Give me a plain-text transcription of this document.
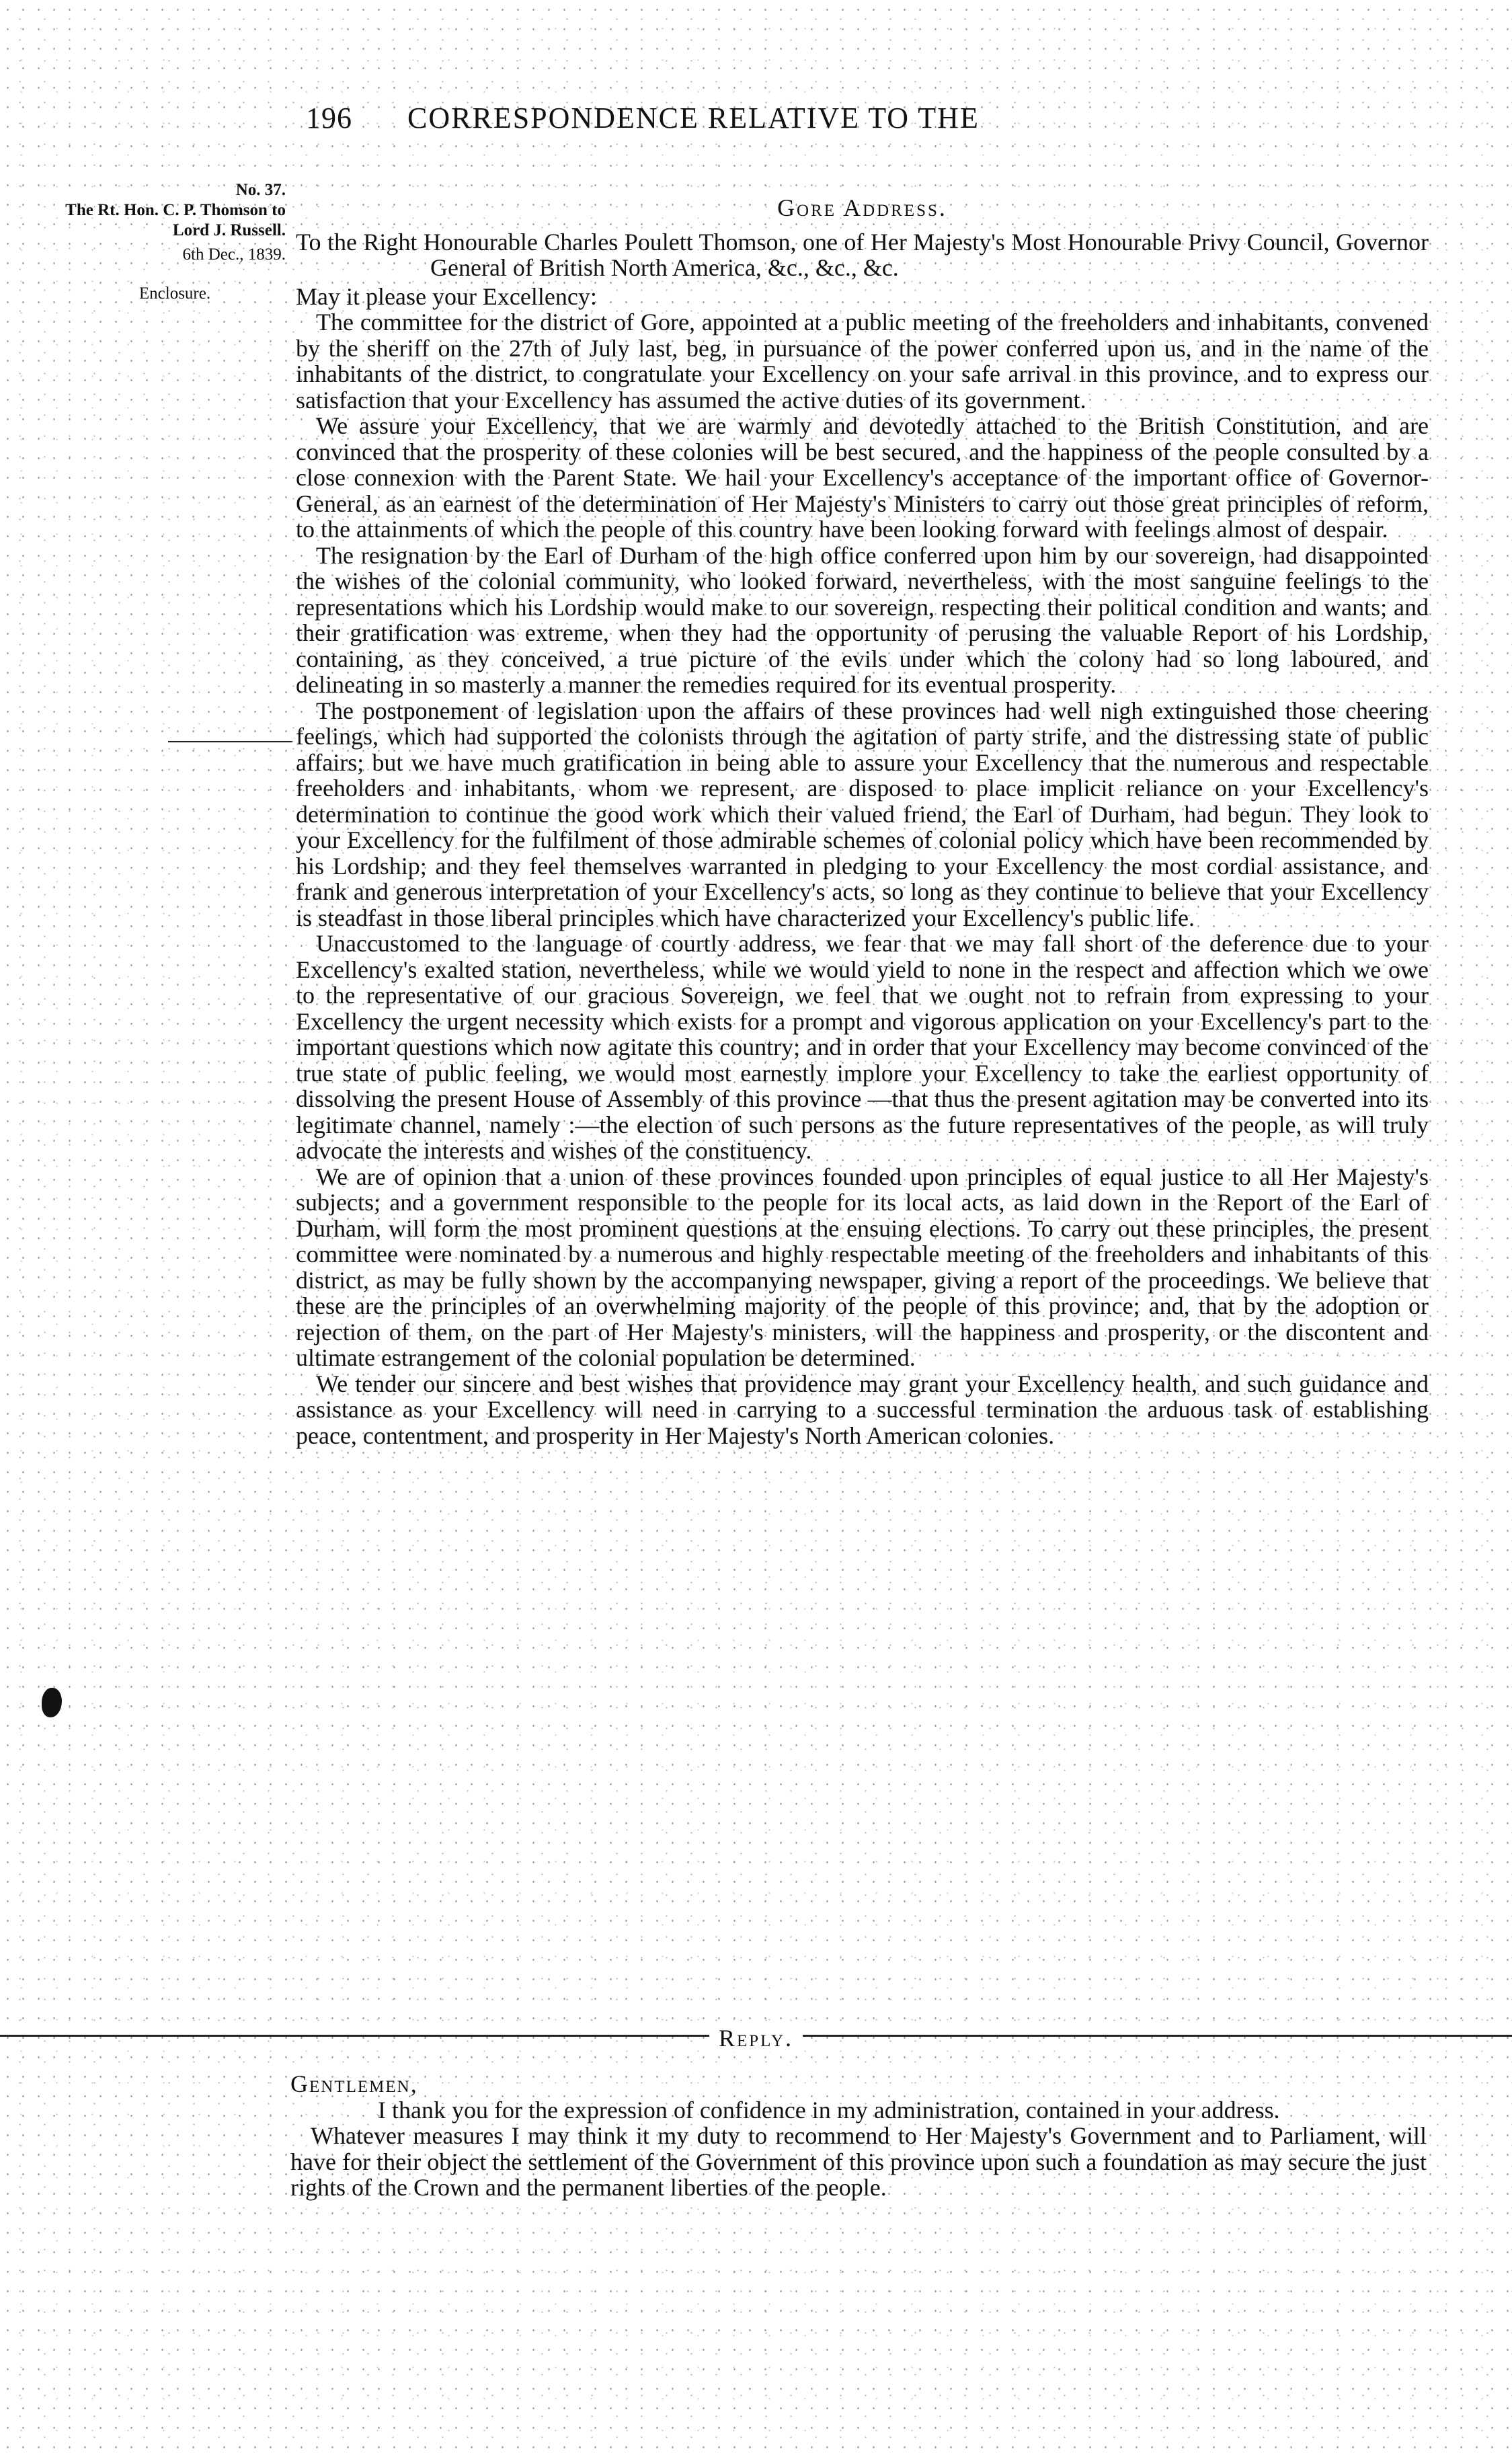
196 CORRESPONDENCE RELATIVE TO THE
No. 37.
The Rt. Hon. C. P. Thomson to Lord J. Russell.
6th Dec., 1839.
Enclosure.

Gore Address.

To the Right Honourable Charles Poulett Thomson, one of Her Majesty's Most Honourable Privy Council, Governor General of British North America, &c., &c., &c.

May it please your Excellency:

The committee for the district of Gore, appointed at a public meeting of the freeholders and inhabitants, convened by the sheriff on the 27th of July last, beg, in pursuance of the power conferred upon us, and in the name of the inhabitants of the district, to congratulate your Excellency on your safe arrival in this province, and to express our satisfaction that your Excellency has assumed the active duties of its government.

We assure your Excellency, that we are warmly and devotedly attached to the British Constitution, and are convinced that the prosperity of these colonies will be best secured, and the happiness of the people consulted by a close connexion with the Parent State. We hail your Excellency's acceptance of the important office of Governor-General, as an earnest of the determination of Her Majesty's Ministers to carry out those great principles of reform, to the attainments of which the people of this country have been looking forward with feelings almost of despair.

The resignation by the Earl of Durham of the high office conferred upon him by our sovereign, had disappointed the wishes of the colonial community, who looked forward, nevertheless, with the most sanguine feelings to the representations which his Lordship would make to our sovereign, respecting their political condition and wants; and their gratification was extreme, when they had the opportunity of perusing the valuable Report of his Lordship, containing, as they conceived, a true picture of the evils under which the colony had so long laboured, and delineating in so masterly a manner the remedies required for its eventual prosperity.

The postponement of legislation upon the affairs of these provinces had well nigh extinguished those cheering feelings, which had supported the colonists through the agitation of party strife, and the distressing state of public affairs; but we have much gratification in being able to assure your Excellency that the numerous and respectable freeholders and inhabitants, whom we represent, are disposed to place implicit reliance on your Excellency's determination to continue the good work which their valued friend, the Earl of Durham, had begun. They look to your Excellency for the fulfilment of those admirable schemes of colonial policy which have been recommended by his Lordship; and they feel themselves warranted in pledging to your Excellency the most cordial assistance, and frank and generous interpretation of your Excellency's acts, so long as they continue to believe that your Excellency is steadfast in those liberal principles which have characterized your Excellency's public life.

Unaccustomed to the language of courtly address, we fear that we may fall short of the deference due to your Excellency's exalted station, nevertheless, while we would yield to none in the respect and affection which we owe to the representative of our gracious Sovereign, we feel that we ought not to refrain from expressing to your Excellency the urgent necessity which exists for a prompt and vigorous application on your Excellency's part to the important questions which now agitate this country; and in order that your Excellency may become convinced of the true state of public feeling, we would most earnestly implore your Excellency to take the earliest opportunity of dissolving the present House of Assembly of this province —that thus the present agitation may be converted into its legitimate channel, namely :—the election of such persons as the future representatives of the people, as will truly advocate the interests and wishes of the constituency.

We are of opinion that a union of these provinces founded upon principles of equal justice to all Her Majesty's subjects; and a government responsible to the people for its local acts, as laid down in the Report of the Earl of Durham, will form the most prominent questions at the ensuing elections. To carry out these principles, the present committee were nominated by a numerous and highly respectable meeting of the freeholders and inhabitants of this district, as may be fully shown by the accompanying newspaper, giving a report of the proceedings. We believe that these are the principles of an overwhelming majority of the people of this province; and, that by the adoption or rejection of them, on the part of Her Majesty's ministers, will the happiness and prosperity, or the discontent and ultimate estrangement of the colonial population be determined.

We tender our sincere and best wishes that providence may grant your Excellency health, and such guidance and assistance as your Excellency will need in carrying to a successful termination the arduous task of establishing peace, contentment, and prosperity in Her Majesty's North American colonies.

Reply.

Gentlemen,

I thank you for the expression of confidence in my administration, contained in your address.

Whatever measures I may think it my duty to recommend to Her Majesty's Government and to Parliament, will have for their object the settlement of the Government of this province upon such a foundation as may secure the just rights of the Crown and the permanent liberties of the people.
